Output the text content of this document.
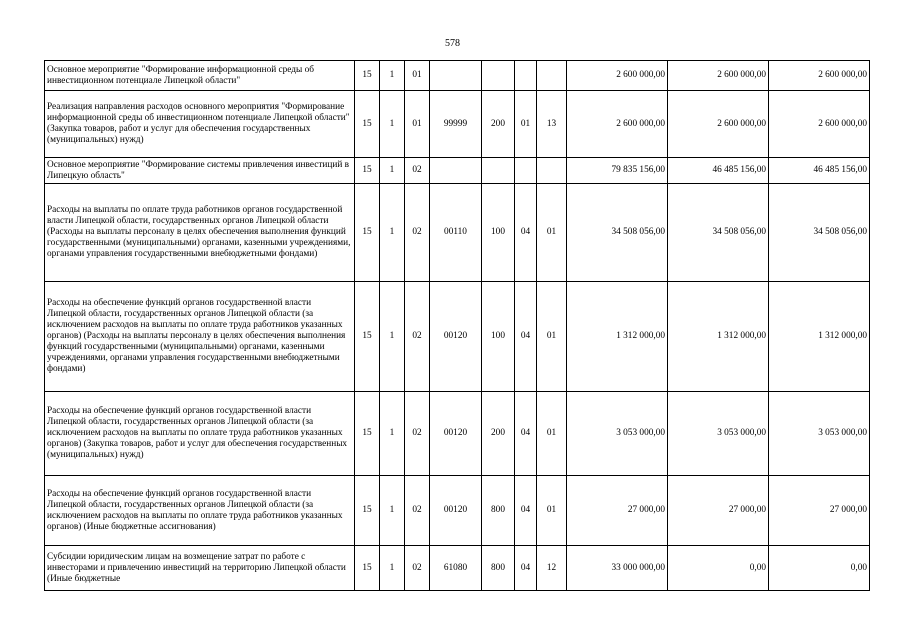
578
Основное мероприятие "Формирование информационной среды об инвестиционном потенциале Липецкой области"	15	1	01					2 600 000,00	2 600 000,00	2 600 000,00
Реализация направления расходов основного мероприятия "Формирование информационной среды об инвестиционном потенциале Липецкой области" (Закупка товаров, работ и услуг для обеспечения государственных (муниципальных) нужд)	15	1	01	99999	200	01	13	2 600 000,00	2 600 000,00	2 600 000,00
Основное мероприятие "Формирование системы привлечения инвестиций в Липецкую область"	15	1	02					79 835 156,00	46 485 156,00	46 485 156,00
Расходы на выплаты по оплате труда работников органов государственной власти Липецкой области, государственных органов Липецкой области (Расходы на выплаты персоналу в целях обеспечения выполнения функций государственными (муниципальными) органами, казенными учреждениями, органами управления государственными внебюджетными фондами)	15	1	02	00110	100	04	01	34 508 056,00	34 508 056,00	34 508 056,00
Расходы на обеспечение функций органов государственной власти Липецкой области, государственных органов Липецкой области (за исключением расходов на выплаты по оплате труда работников указанных органов) (Расходы на выплаты персоналу в целях обеспечения выполнения функций государственными (муниципальными) органами, казенными учреждениями, органами управления государственными внебюджетными фондами)	15	1	02	00120	100	04	01	1 312 000,00	1 312 000,00	1 312 000,00
Расходы на обеспечение функций органов государственной власти Липецкой области, государственных органов Липецкой области (за исключением расходов на выплаты по оплате труда работников указанных органов) (Закупка товаров, работ и услуг для обеспечения государственных (муниципальных) нужд)	15	1	02	00120	200	04	01	3 053 000,00	3 053 000,00	3 053 000,00
Расходы на обеспечение функций органов государственной власти Липецкой области, государственных органов Липецкой области (за исключением расходов на выплаты по оплате труда работников указанных органов) (Иные бюджетные ассигнования)	15	1	02	00120	800	04	01	27 000,00	27 000,00	27 000,00
Субсидии юридическим лицам на возмещение затрат по работе с инвесторами и привлечению инвестиций на территорию Липецкой области (Иные бюджетные	15	1	02	61080	800	04	12	33 000 000,00	0,00	0,00
